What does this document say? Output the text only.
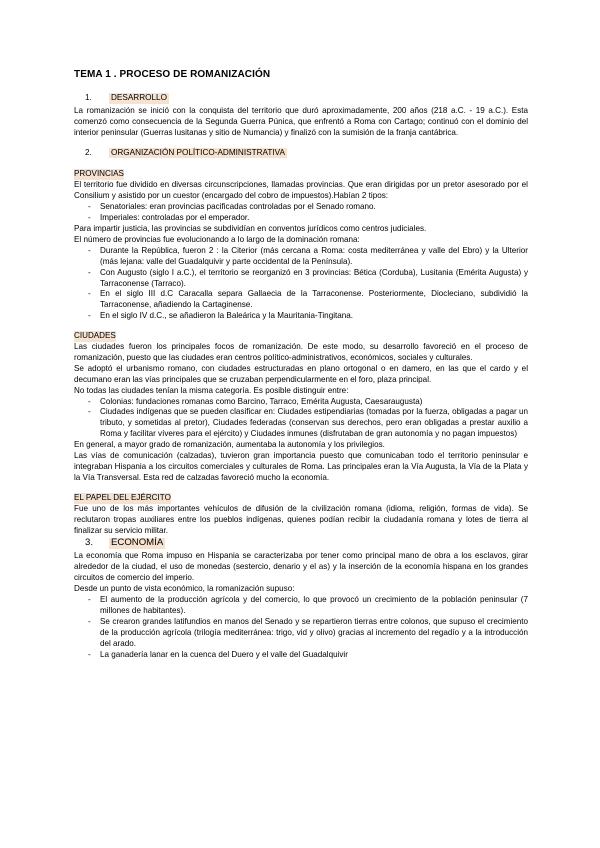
TEMA 1 . PROCESO DE ROMANIZACIÓN
1.	DESARROLLO

La romanización se inició con la conquista del territorio que duró aproximadamente, 200 años (218 a.C. - 19 a.C.). Esta comenzó como consecuencia de la Segunda Guerra Púnica, que enfrentó a Roma con Cartago; continuó con el dominio del interior peninsular (Guerras lusitanas y sitio de Numancia) y finalizó con la sumisión de la franja cantábrica.

2.	ORGANIZACIÓN POLÍTICO-ADMINISTRATIVA
PROVINCIAS

El territorio fue dividido en diversas circunscripciones, llamadas provincias. Que eran dirigidas por un pretor asesorado por el Consilium y asistido por un cuestor (encargado del cobro de impuestos).Habían 2 tipos:

- Senatoriales: eran provincias pacificadas controladas por el Senado romano.
- Imperiales: controladas por el emperador.

Para impartir justicia, las provincias se subdividían en conventos jurídicos como centros judiciales.

El número de provincias fue evolucionando a lo largo de la dominación romana:

- Durante la República, fueron 2 : la Citerior (más cercana a Roma: costa mediterránea y valle del Ebro) y la Ulterior (más lejana: valle del Guadalquivir y parte occidental de la Península).
- Con Augusto (siglo I a.C.), el territorio se reorganizó en 3 provincias: Bética (Corduba), Lusitania (Emérita Augusta) y Tarraconense (Tarraco).
- En el siglo III d.C Caracalla separa Gallaecia de la Tarraconense. Posteriormente, Diocleciano, subdividió la Tarraconense, añadiendo la Cartaginense.
- En el siglo IV d.C., se añadieron la Baleárica y la Mauritania-Tingitana.
CIUDADES

Las ciudades fueron los principales focos de romanización. De este modo, su desarrollo favoreció en el proceso de romanización, puesto que las ciudades eran centros político-administrativos, económicos, sociales y culturales.

Se adoptó el urbanismo romano, con ciudades estructuradas en plano ortogonal o en damero, en las que el cardo y el decumano eran las vías principales que se cruzaban perpendicularmente en el foro, plaza principal.

No todas las ciudades tenían la misma categoría. Es posible distinguir entre:

- Colonias: fundaciones romanas como Barcino, Tarraco, Emérita Augusta, Caesaraugusta)
- Ciudades indígenas que se pueden clasificar en: Ciudades estipendiarias (tomadas por la fuerza, obligadas a pagar un tributo, y sometidas al pretor), Ciudades federadas (conservan sus derechos, pero eran obligadas a prestar auxilio a Roma y facilitar víveres para el ejército) y Ciudades inmunes (disfrutaban de gran autonomía y no pagan impuestos)

En general, a mayor grado de romanización, aumentaba la autonomía y los privilegios.

Las vías de comunicación (calzadas), tuvieron gran importancia puesto que comunicaban todo el territorio peninsular e integraban Hispania a los circuitos comerciales y culturales de Roma. Las principales eran la Vía Augusta, la Vía de la Plata y la Vía Transversal. Esta red de calzadas favoreció mucho la economía.

EL PAPEL DEL EJÉRCITO

Fue uno de los más importantes vehículos de difusión de la civilización romana (idioma, religión, formas de vida). Se reclutaron tropas auxiliares entre los pueblos indígenas, quienes podían recibir la ciudadanía romana y lotes de tierra al finalizar su servicio militar.

3.	ECONOMÍA

La economía que Roma impuso en Hispania se caracterizaba por tener como principal mano de obra a los esclavos, girar alrededor de la ciudad, el uso de monedas (sestercio, denario y el as) y la inserción de la economía hispana en los grandes circuitos de comercio del imperio.

Desde un punto de vista económico, la romanización supuso:

- El aumento de la producción agrícola y del comercio, lo que provocó un crecimiento de la población peninsular (7 millones de habitantes).
- Se crearon grandes latifundios en manos del Senado y se repartieron tierras entre colonos, que supuso el crecimiento de la producción agrícola (trilogía mediterránea: trigo, vid y olivo) gracias al incremento del regadío y a la introducción del arado.
- La ganadería lanar en la cuenca del Duero y el valle del Guadalquivir
